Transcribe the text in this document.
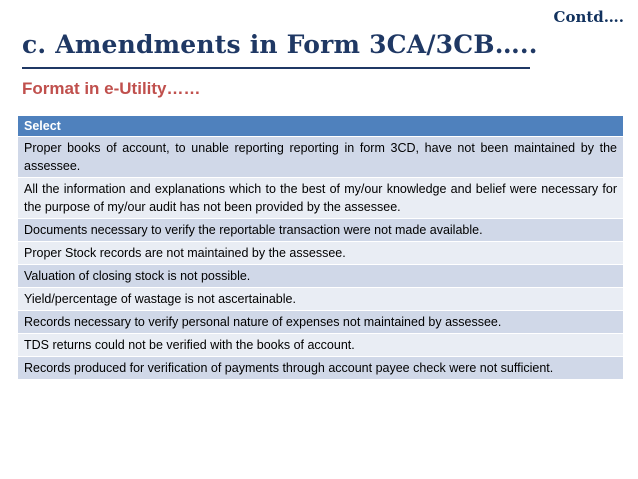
Contd….
c. Amendments in Form 3CA/3CB…..
Format in e-Utility……
Select
Proper books of account, to unable reporting reporting in form 3CD, have not been maintained by the assessee.
All the information and explanations which to the best of my/our knowledge and belief were necessary for the purpose of my/our audit has not been provided by the assessee.
Documents necessary to verify the reportable transaction were not made available.
Proper Stock records are not maintained by the assessee.
Valuation of closing stock is not possible.
Yield/percentage of wastage is not ascertainable.
Records necessary to verify personal nature of expenses not maintained by assessee.
TDS returns could not be verified with the books of account.
Records produced for verification of payments through account payee check were not sufficient.
